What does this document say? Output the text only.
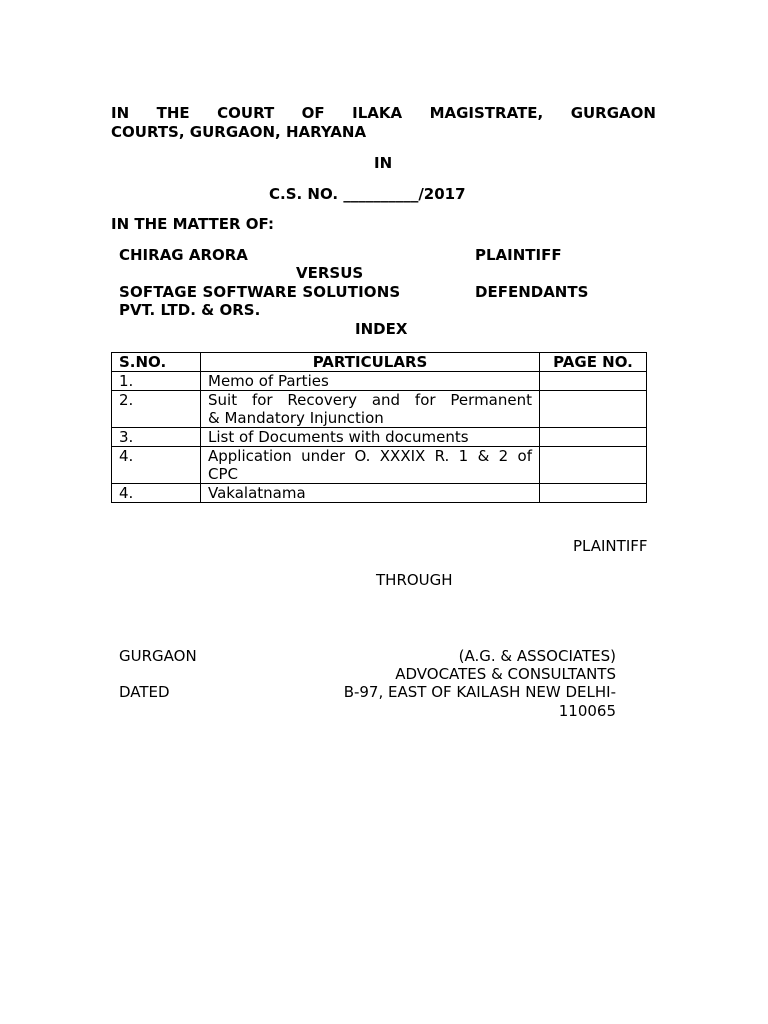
IN THE COURT OF ILAKA MAGISTRATE, GURGAON
COURTS, GURGAON, HARYANA
IN
C.S. NO. __________/2017
IN THE MATTER OF:
CHIRAG ARORA	PLAINTIFF
VERSUS
SOFTAGE SOFTWARE SOLUTIONS	DEFENDANTS
PVT. LTD. & ORS.
INDEX
S.NO.	PARTICULARS	PAGE NO.
1.	Memo of Parties	

2.	Suit for Recovery and for Permanent
& Mandatory Injunction	

3.	List of Documents with documents	

4.	Application under O. XXXIX R. 1 & 2 of
CPC	

4.	Vakalatnama	

PLAINTIFF
THROUGH
GURGAON
DATED
(A.G. & ASSOCIATES)
ADVOCATES & CONSULTANTS
B-97, EAST OF KAILASH NEW DELHI-
110065
